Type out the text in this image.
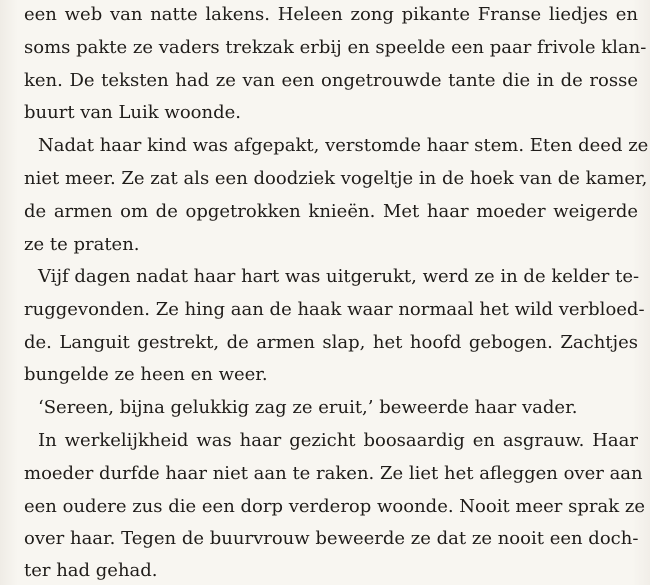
een web van natte lakens. Heleen zong pikante Franse liedjes en
soms pakte ze vaders trekzak erbij en speelde een paar frivole klan-
ken. De teksten had ze van een ongetrouwde tante die in de rosse
buurt van Luik woonde.
Nadat haar kind was afgepakt, verstomde haar stem. Eten deed ze
niet meer. Ze zat als een doodziek vogeltje in de hoek van de kamer,
de armen om de opgetrokken knieën. Met haar moeder weigerde
ze te praten.
Vijf dagen nadat haar hart was uitgerukt, werd ze in de kelder te-
ruggevonden. Ze hing aan de haak waar normaal het wild verbloed-
de. Languit gestrekt, de armen slap, het hoofd gebogen. Zachtjes
bungelde ze heen en weer.
‘Sereen, bijna gelukkig zag ze eruit,’ beweerde haar vader.
In werkelijkheid was haar gezicht boosaardig en asgrauw. Haar
moeder durfde haar niet aan te raken. Ze liet het afleggen over aan
een oudere zus die een dorp verderop woonde. Nooit meer sprak ze
over haar. Tegen de buurvrouw beweerde ze dat ze nooit een doch-
ter had gehad.
